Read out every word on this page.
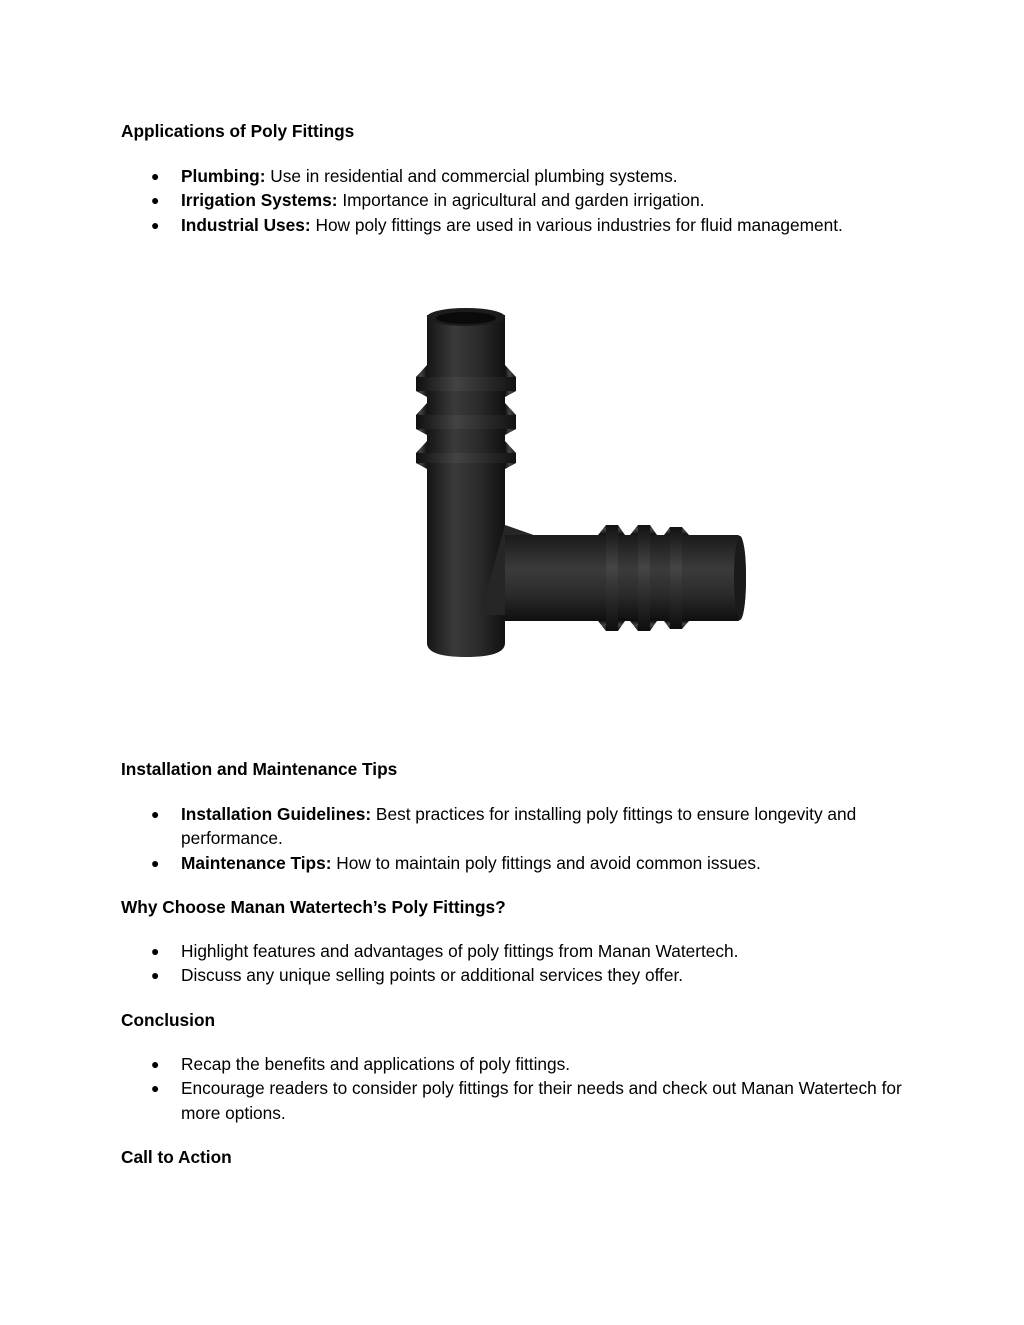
Applications of Poly Fittings
● Plumbing: Use in residential and commercial plumbing systems.
● Irrigation Systems: Importance in agricultural and garden irrigation.
● Industrial Uses: How poly fittings are used in various industries for fluid management.
Installation and Maintenance Tips
● Installation Guidelines: Best practices for installing poly fittings to ensure longevity and performance.
● Maintenance Tips: How to maintain poly fittings and avoid common issues.
Why Choose Manan Watertech’s Poly Fittings?
● Highlight features and advantages of poly fittings from Manan Watertech.
● Discuss any unique selling points or additional services they offer.
Conclusion
● Recap the benefits and applications of poly fittings.
● Encourage readers to consider poly fittings for their needs and check out Manan Watertech for more options.
Call to Action
